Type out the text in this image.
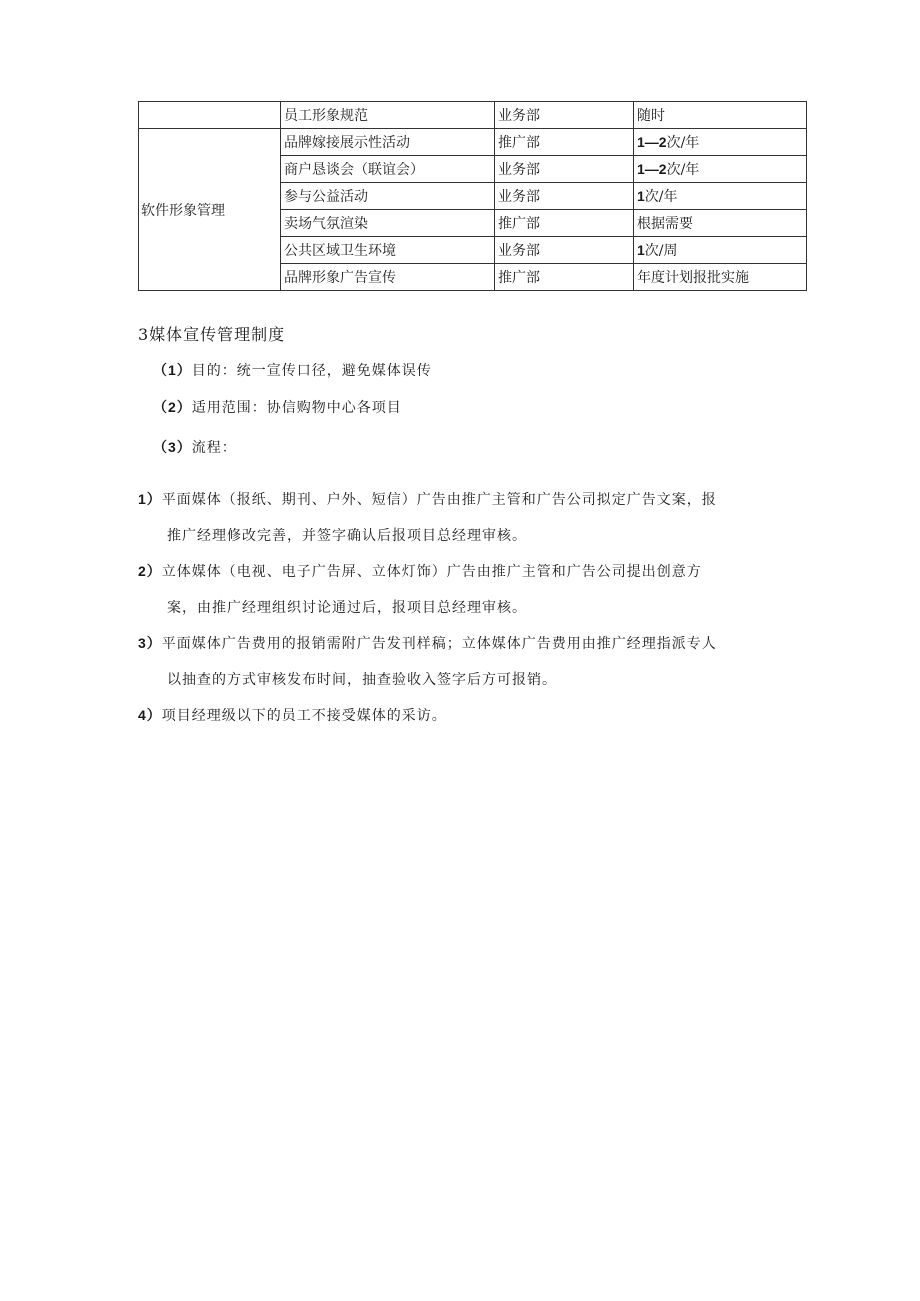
	员工形象规范	业务部	随时
软件形象管理	品牌嫁接展示性活动	推广部	1—2次/年
	商户恳谈会（联谊会）	业务部	1—2次/年
	参与公益活动	业务部	1次/年
	卖场气氛渲染	推广部	根据需要
	公共区域卫生环境	业务部	1次/周
	品牌形象广告宣传	推广部	年度计划报批实施
3媒体宣传管理制度
（1）目的：统一宣传口径，避免媒体误传
（2）适用范围：协信购物中心各项目
（3）流程：
1）平面媒体（报纸、期刊、户外、短信）广告由推广主管和广告公司拟定广告文案，报
推广经理修改完善，并签字确认后报项目总经理审核。
2）立体媒体（电视、电子广告屏、立体灯饰）广告由推广主管和广告公司提出创意方
案，由推广经理组织讨论通过后，报项目总经理审核。
3）平面媒体广告费用的报销需附广告发刊样稿；立体媒体广告费用由推广经理指派专人
以抽查的方式审核发布时间，抽查验收入签字后方可报销。
4）项目经理级以下的员工不接受媒体的采访。
